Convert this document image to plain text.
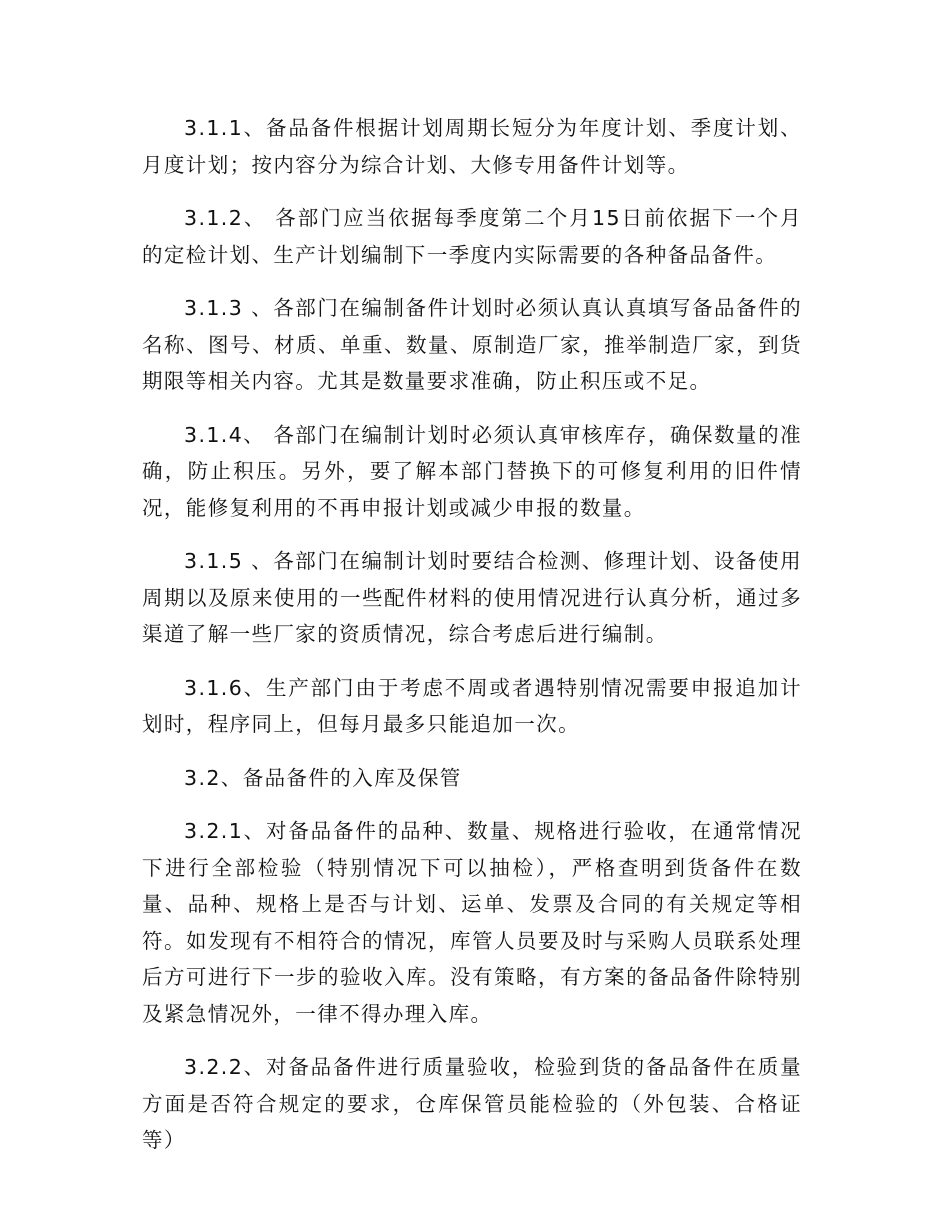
3.1.1、备品备件根据计划周期长短分为年度计划、季度计划、月度计划；按内容分为综合计划、大修专用备件计划等。

3.1.2、 各部门应当依据每季度第二个月15日前依据下一个月的定检计划、生产计划编制下一季度内实际需要的各种备品备件。

3.1.3 、各部门在编制备件计划时必须认真认真填写备品备件的名称、图号、材质、单重、数量、原制造厂家，推举制造厂家，到货期限等相关内容。尤其是数量要求准确，防止积压或不足。

3.1.4、 各部门在编制计划时必须认真审核库存，确保数量的准确，防止积压。另外，要了解本部门替换下的可修复利用的旧件情况，能修复利用的不再申报计划或减少申报的数量。

3.1.5 、各部门在编制计划时要结合检测、修理计划、设备使用周期以及原来使用的一些配件材料的使用情况进行认真分析，通过多渠道了解一些厂家的资质情况，综合考虑后进行编制。

3.1.6、生产部门由于考虑不周或者遇特别情况需要申报追加计划时，程序同上，但每月最多只能追加一次。

3.2、备品备件的入库及保管

3.2.1、对备品备件的品种、数量、规格进行验收，在通常情况下进行全部检验（特别情况下可以抽检），严格查明到货备件在数量、品种、规格上是否与计划、运单、发票及合同的有关规定等相符。如发现有不相符合的情况，库管人员要及时与采购人员联系处理后方可进行下一步的验收入库。没有策略，有方案的备品备件除特别及紧急情况外，一律不得办理入库。

3.2.2、对备品备件进行质量验收，检验到货的备品备件在质量方面是否符合规定的要求，仓库保管员能检验的（外包装、合格证等）
